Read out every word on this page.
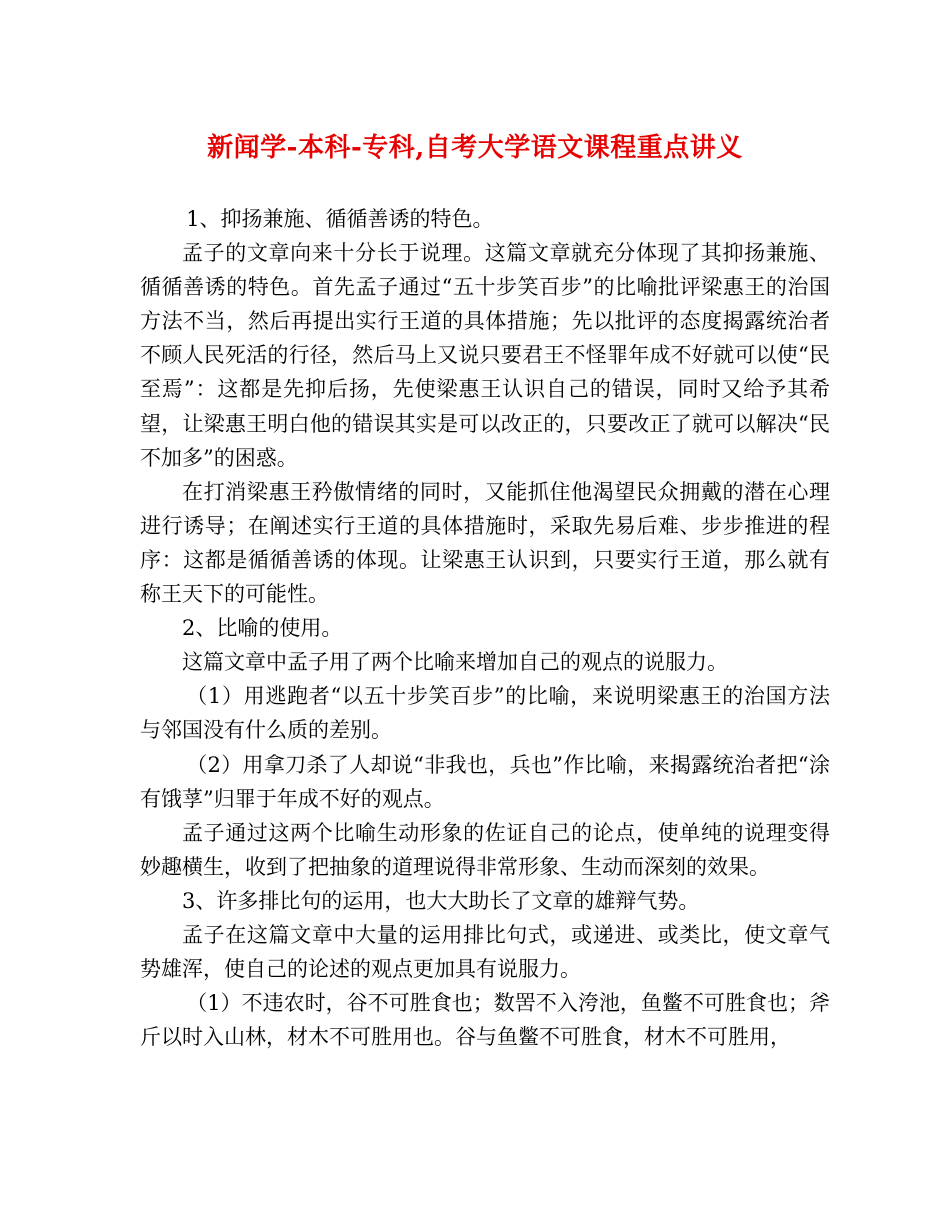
新闻学-本科-专科,自考大学语文课程重点讲义

1、抑扬兼施、循循善诱的特色。

孟子的文章向来十分长于说理。这篇文章就充分体现了其抑扬兼施、循循善诱的特色。首先孟子通过“五十步笑百步”的比喻批评梁惠王的治国方法不当，然后再提出实行王道的具体措施；先以批评的态度揭露统治者不顾人民死活的行径，然后马上又说只要君王不怪罪年成不好就可以使“民至焉”：这都是先抑后扬，先使梁惠王认识自己的错误，同时又给予其希望，让梁惠王明白他的错误其实是可以改正的，只要改正了就可以解决“民不加多”的困惑。

在打消梁惠王矜傲情绪的同时，又能抓住他渴望民众拥戴的潜在心理进行诱导；在阐述实行王道的具体措施时，采取先易后难、步步推进的程序：这都是循循善诱的体现。让梁惠王认识到，只要实行王道，那么就有称王天下的可能性。

2、比喻的使用。

这篇文章中孟子用了两个比喻来增加自己的观点的说服力。

（1）用逃跑者“以五十步笑百步”的比喻，来说明梁惠王的治国方法与邻国没有什么质的差别。

（2）用拿刀杀了人却说“非我也，兵也”作比喻，来揭露统治者把“涂有饿莩”归罪于年成不好的观点。

孟子通过这两个比喻生动形象的佐证自己的论点，使单纯的说理变得妙趣横生，收到了把抽象的道理说得非常形象、生动而深刻的效果。

3、许多排比句的运用，也大大助长了文章的雄辩气势。

孟子在这篇文章中大量的运用排比句式，或递进、或类比，使文章气势雄浑，使自己的论述的观点更加具有说服力。

（1）不违农时，谷不可胜食也；数罟不入洿池，鱼鳖不可胜食也；斧斤以时入山林，材木不可胜用也。谷与鱼鳖不可胜食，材木不可胜用，
